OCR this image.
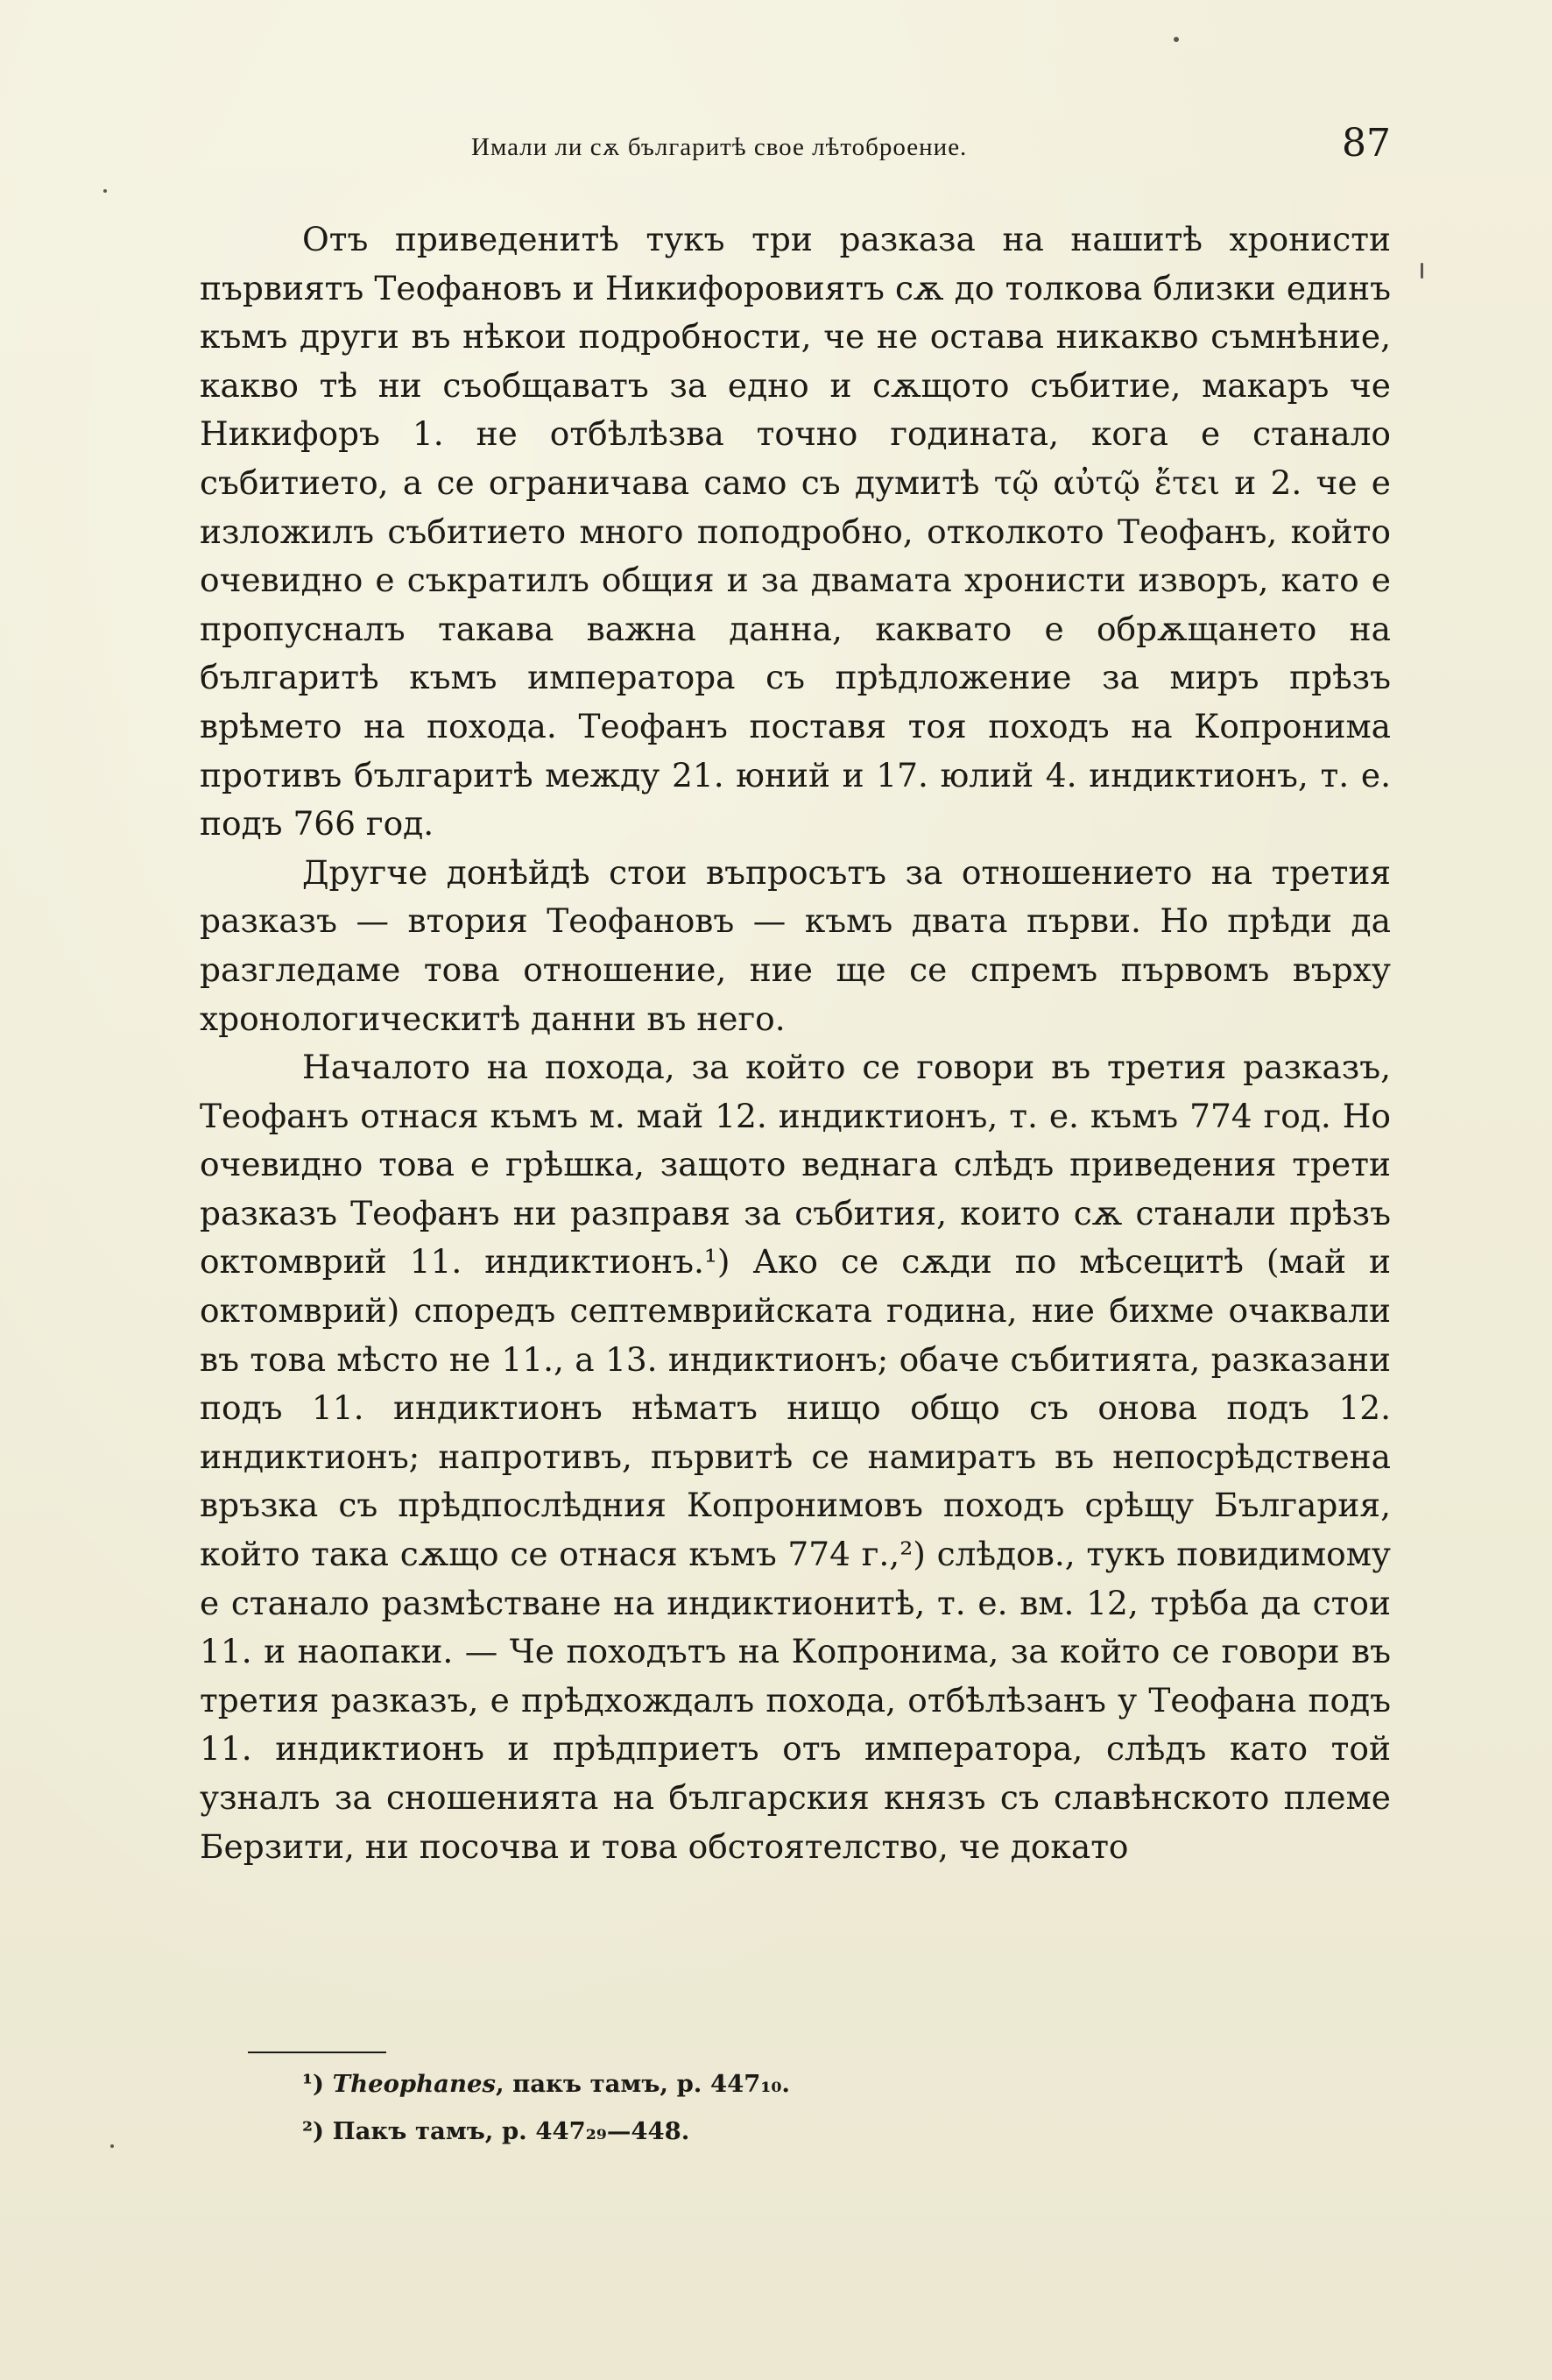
Имали ли сѫ българитѣ свое лѣтоброение.	87

Отъ приведенитѣ тукъ три разказа на нашитѣ хронисти първиятъ Теофановъ и Никифоровиятъ сѫ до толкова близки единъ къмъ други въ нѣкои подробности, че не остава никакво съмнѣние, какво тѣ ни съобщаватъ за едно и сѫщото събитие, макаръ че Никифоръ 1. не отбѣлѣзва точно годината, кога е станало събитието, а се ограничава само съ думитѣ τῷ αὐτῷ ἔτει и 2. че е изложилъ събитието много поподробно, отколкото Теофанъ, който очевидно е съкратилъ общия и за двамата хронисти изворъ, като е пропусналъ такава важна данна, каквато е обрѫщането на българитѣ къмъ императора съ прѣдложение за миръ прѣзъ врѣмето на похода. Теофанъ поставя тоя походъ на Копронима противъ българитѣ между 21. юний и 17. юлий 4. индиктионъ, т. е. подъ 766 год.

Другче донѣйдѣ стои въпросътъ за отношението на третия разказъ — втория Теофановъ — къмъ двата първи. Но прѣди да разгледаме това отношение, ние ще се спремъ първомъ върху хронологическитѣ данни въ него.

Началото на похода, за който се говори въ третия разказъ, Теофанъ отнася къмъ м. май 12. индиктионъ, т. е. къмъ 774 год. Но очевидно това е грѣшка, защото веднага слѣдъ приведения трети разказъ Теофанъ ни разправя за събития, които сѫ станали прѣзъ октомврий 11. индиктионъ.¹) Ако се сѫди по мѣсецитѣ (май и октомврий) споредъ септемврийската година, ние бихме очаквали въ това мѣсто не 11., а 13. индиктионъ; обаче събитията, разказани подъ 11. индиктионъ нѣматъ нищо общо съ онова подъ 12. индиктионъ; напротивъ, първитѣ се намиратъ въ непосрѣдствена връзка съ прѣдпослѣдния Копронимовъ походъ срѣщу България, който така сѫщо се отнася къмъ 774 г.,²) слѣдов., тукъ повидимому е станало размѣстване на индиктионитѣ, т. е. вм. 12, трѣба да стои 11. и наопаки. — Че походътъ на Копронима, за който се говори въ третия разказъ, е прѣдхождалъ похода, отбѣлѣзанъ у Теофана подъ 11. индиктионъ и прѣдприетъ отъ императора, слѣдъ като той узналъ за сношенията на българския князъ съ славѣнското племе Берзити, ни посочва и това обстоятелство, че докато

¹) Theophanes, пакъ тамъ, p. 447₁₀.
²) Пакъ тамъ, p. 447₂₉—448.
